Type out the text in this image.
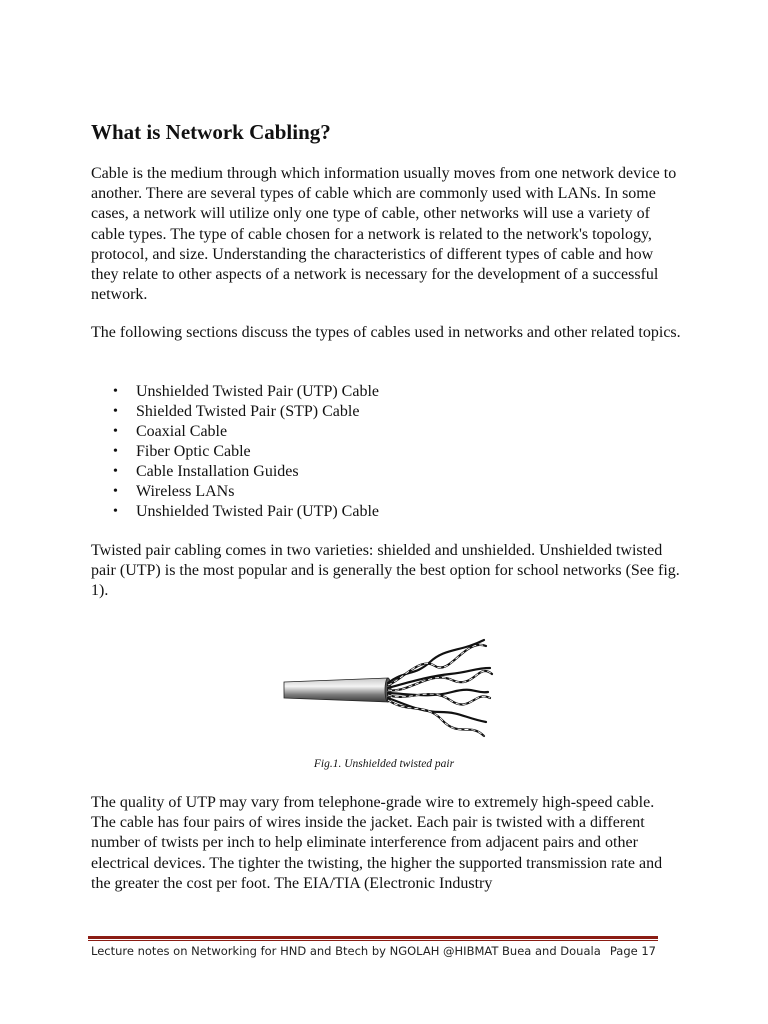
What is Network Cabling?

Cable is the medium through which information usually moves from one network device to another. There are several types of cable which are commonly used with LANs. In some cases, a network will utilize only one type of cable, other networks will use a variety of cable types. The type of cable chosen for a network is related to the network's topology, protocol, and size. Understanding the characteristics of different types of cable and how they relate to other aspects of a network is necessary for the development of a successful network.

The following sections discuss the types of cables used in networks and other related topics.

• Unshielded Twisted Pair (UTP) Cable
• Shielded Twisted Pair (STP) Cable
• Coaxial Cable
• Fiber Optic Cable
• Cable Installation Guides
• Wireless LANs
• Unshielded Twisted Pair (UTP) Cable

Twisted pair cabling comes in two varieties: shielded and unshielded. Unshielded twisted pair (UTP) is the most popular and is generally the best option for school networks (See fig. 1).

Fig.1. Unshielded twisted pair

The quality of UTP may vary from telephone-grade wire to extremely high-speed cable. The cable has four pairs of wires inside the jacket. Each pair is twisted with a different number of twists per inch to help eliminate interference from adjacent pairs and other electrical devices. The tighter the twisting, the higher the supported transmission rate and the greater the cost per foot. The EIA/TIA (Electronic Industry

Lecture notes on Networking for HND and Btech by NGOLAH @HIBMAT Buea and Douala Page 17
